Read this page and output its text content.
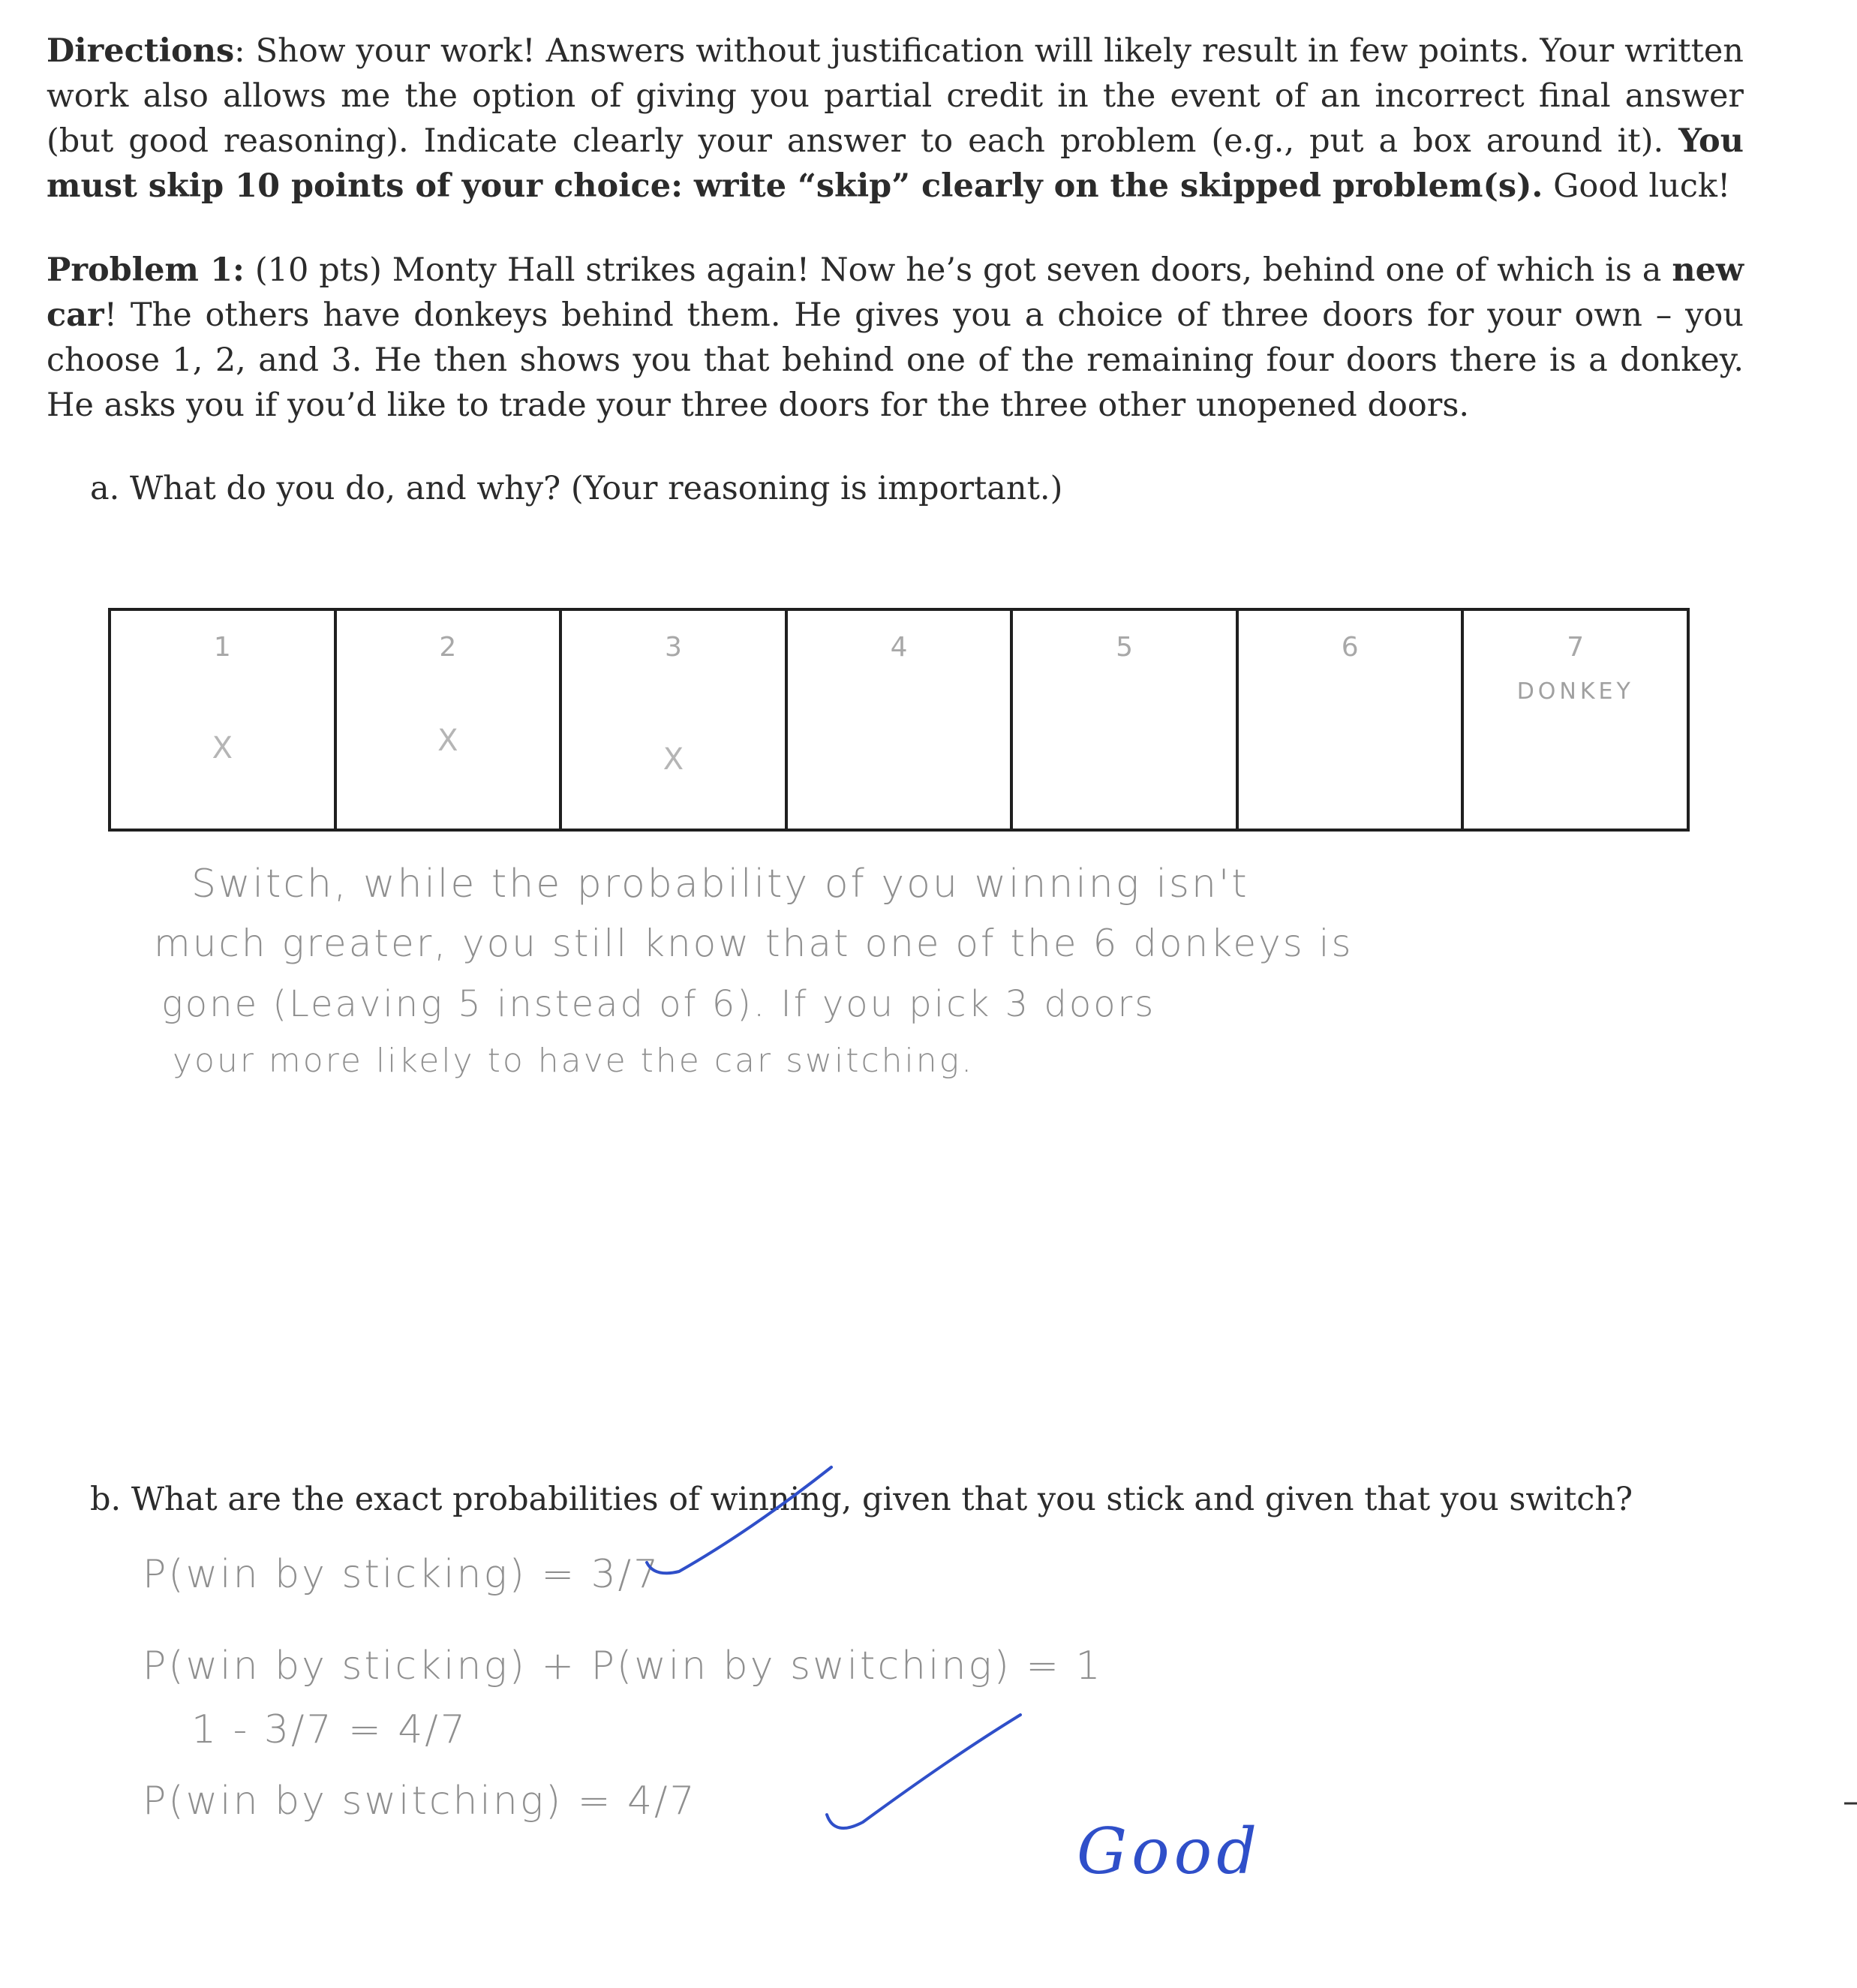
Directions: Show your work! Answers without justification will likely result in few points. Your written work also allows me the option of giving you partial credit in the event of an incorrect final answer (but good reasoning). Indicate clearly your answer to each problem (e.g., put a box around it). You must skip 10 points of your choice: write “skip” clearly on the skipped problem(s). Good luck!
Problem 1: (10 pts) Monty Hall strikes again! Now he’s got seven doors, behind one of which is a new car! The others have donkeys behind them. He gives you a choice of three doors for your own – you choose 1, 2, and 3. He then shows you that behind one of the remaining four doors there is a donkey. He asks you if you’d like to trade your three doors for the three other unopened doors.
a. What do you do, and why? (Your reasoning is important.)
1
X
2
X
3
X
4	5	6	7
DONKEY
Switch, while the probability of you winning isn't
much greater, you still know that one of the 6 donkeys is
gone (Leaving 5 instead of 6). If you pick 3 doors
your more likely to have the car switching.
b. What are the exact probabilities of winning, given that you stick and given that you switch?
P(win by sticking) = 3/7
P(win by sticking) + P(win by switching) = 1
1 - 3/7 = 4/7
P(win by switching) = 4/7
Good
